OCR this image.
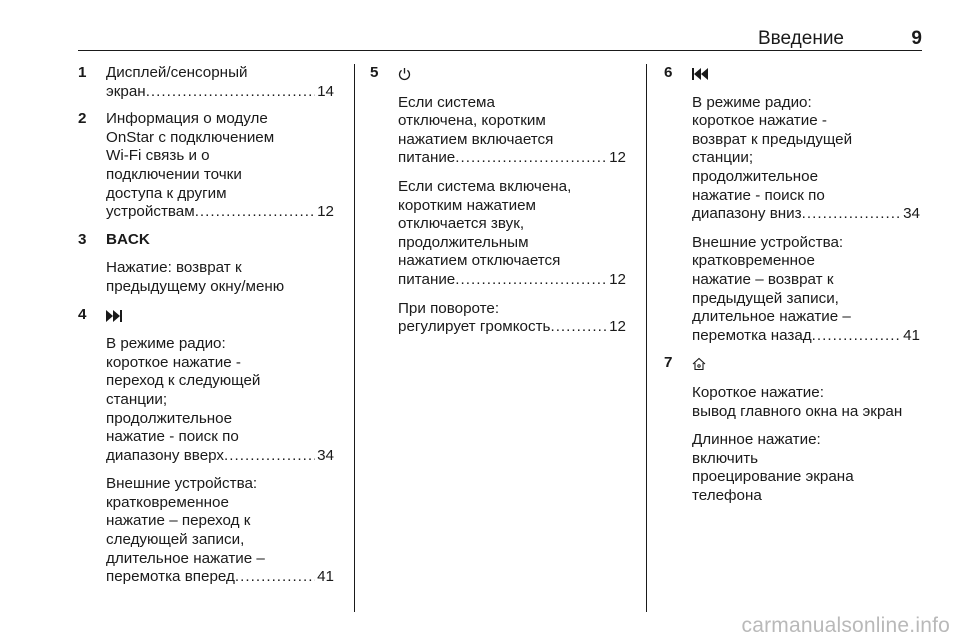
Введение	9
1 Дисплей/сенсорный
экран . . .	14
2 Информация о модуле
OnStar с подключением
Wi-Fi связь и о
подключении точки
доступа к другим
устройствам . . .	12
3 BACK
Нажатие: возврат к
предыдущему окну/меню
4
В режиме радио:
короткое нажатие -
переход к следующей
станции;
продолжительное
нажатие - поиск по
диапазону вверх . . .	34
Внешние устройства:
кратковременное
нажатие – переход к
следующей записи,
длительное нажатие –
перемотка вперед . . .	41
5
Если система
отключена, коротким
нажатием включается
питание . . .	12
Если система включена,
коротким нажатием
отключается звук,
продолжительным
нажатием отключается
питание . . .	12
При повороте:
регулирует громкость . . .	12
6
В режиме радио:
короткое нажатие -
возврат к предыдущей
станции;
продолжительное
нажатие - поиск по
диапазону вниз . . .	34
Внешние устройства:
кратковременное
нажатие – возврат к
предыдущей записи,
длительное нажатие –
перемотка назад . . .	41
7
Короткое нажатие:
вывод главного окна на экран
Длинное нажатие:
включить
проецирование экрана
телефона
carmanualsonline.info
